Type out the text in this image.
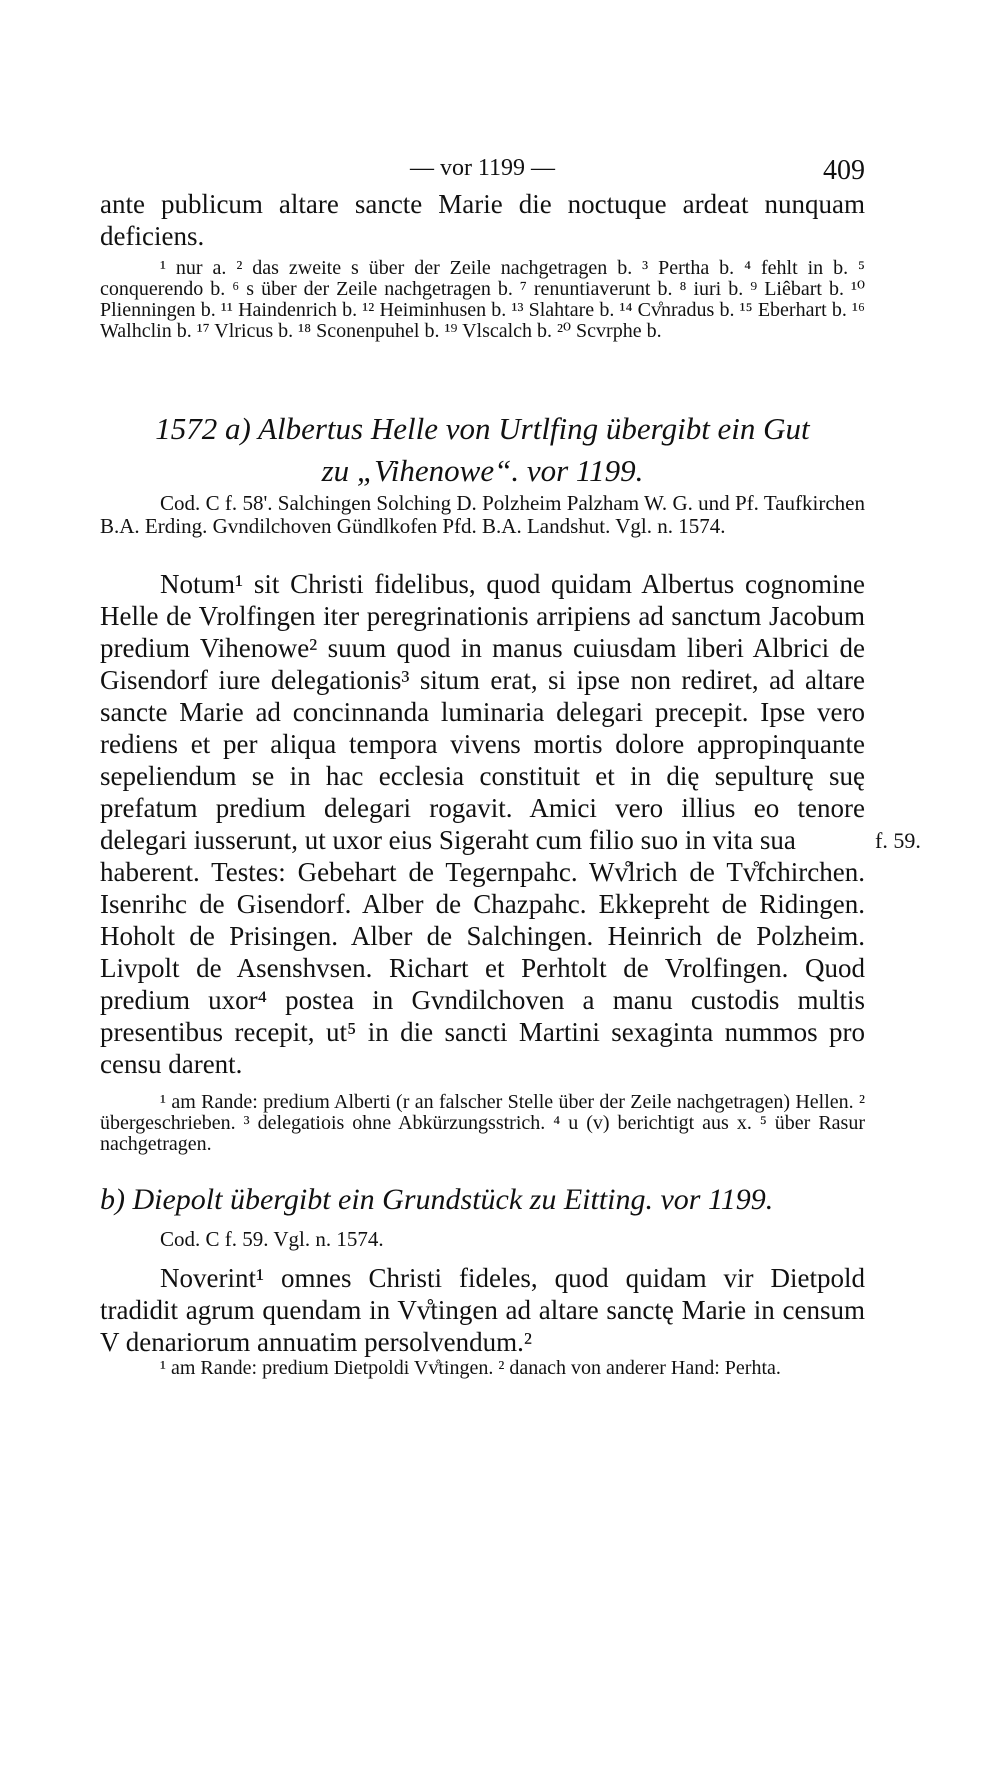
— vor 1199 —	409

ante publicum altare sancte Marie die noctuque ardeat nunquam deficiens.

¹ nur a. ² das zweite s über der Zeile nachgetragen b. ³ Pertha b. ⁴ fehlt in b. ⁵ conquerendo b. ⁶ s über der Zeile nachgetragen b. ⁷ renuntiaverunt b. ⁸ iuri b. ⁹ Liêbart b. ¹⁰ Plienningen b. ¹¹ Haindenrich b. ¹² Heiminhusen b. ¹³ Slahtare b. ¹⁴ Cv̊nradus b. ¹⁵ Eberhart b. ¹⁶ Walhclin b. ¹⁷ Vlricus b. ¹⁸ Sconenpuhel b. ¹⁹ Vlscalch b. ²⁰ Scvrphe b.

1572 a) Albertus Helle von Urtlfing übergibt ein Gut
zu „Vihenowe“. vor 1199.

Cod. C f. 58'. Salchingen Solching D. Polzheim Palzham W. G. und Pf. Taufkirchen B.A. Erding. Gvndilchoven Gündlkofen Pfd. B.A. Landshut. Vgl. n. 1574.

Notum¹ sit Christi fidelibus, quod quidam Albertus cognomine Helle de Vrolfingen iter peregrinationis arripiens ad sanctum Jacobum predium Vihenowe² suum quod in manus cuiusdam liberi Albrici de Gisendorf iure delegationis³ situm erat, si ipse non rediret, ad altare sancte Marie ad concinnanda luminaria delegari precepit. Ipse vero rediens et per aliqua tempora vivens mortis dolore appropinquante sepeliendum se in hac ecclesia constituit et in dię sepulturę suę prefatum predium delegari rogavit. Amici vero illius eo tenore delegari iusserunt, ut uxor eius Sigeraht cum filio suo in vita sua

haberent. Testes: Gebehart de Tegernpahc. Wv̊lrich de Tv̊fchirchen. Isenrihc de Gisendorf. Alber de Chazpahc. Ekkepreht de Ridingen. Hoholt de Prisingen. Alber de Salchingen. Heinrich de Polzheim. Livpolt de Asenshvsen. Richart et Perhtolt de Vrolfingen. Quod predium uxor⁴ postea in Gvndilchoven a manu custodis multis presentibus recepit, ut⁵ in die sancti Martini sexaginta nummos pro censu darent.

f. 59.

¹ am Rande: predium Alberti (r an falscher Stelle über der Zeile nachgetragen) Hellen. ² übergeschrieben. ³ delegatiois ohne Abkürzungsstrich. ⁴ u (v) berichtigt aus x. ⁵ über Rasur nachgetragen.

b) Diepolt übergibt ein Grundstück zu Eitting. vor 1199.

Cod. C f. 59. Vgl. n. 1574.

Noverint¹ omnes Christi fideles, quod quidam vir Dietpold tradidit agrum quendam in Vv̊tingen ad altare sanctę Marie in censum V denariorum annuatim persolvendum.²

¹ am Rande: predium Dietpoldi Vv̊tingen. ² danach von anderer Hand: Perhta.
